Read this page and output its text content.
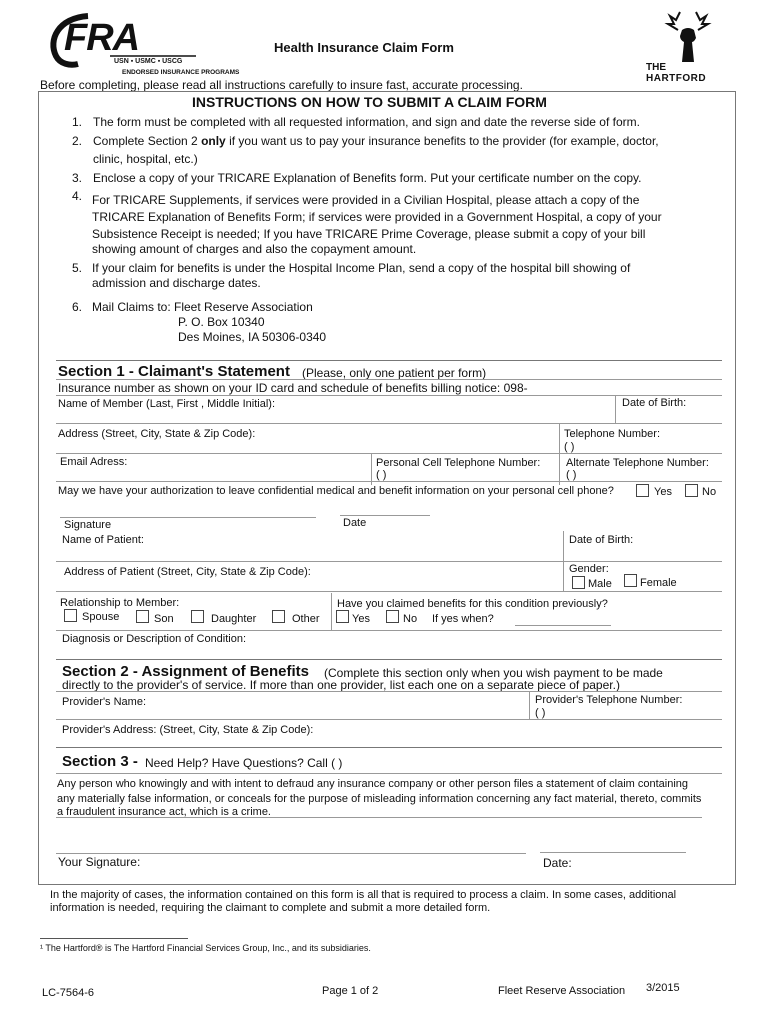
FRA
USN ▪ USMC ▪ USCG
ENDORSED INSURANCE PROGRAMS
Health Insurance Claim Form
THE
HARTFORD
Before completing, please read all instructions carefully to insure fast, accurate processing.
INSTRUCTIONS ON HOW TO SUBMIT A CLAIM FORM
1. The form must be completed with all requested information, and sign and date the reverse side of form.
2. Complete Section 2 only if you want us to pay your insurance benefits to the provider (for example, doctor,
clinic, hospital, etc.)
3. Enclose a copy of your TRICARE Explanation of Benefits form. Put your certificate number on the copy.
4. For TRICARE Supplements, if services were provided in a Civilian Hospital, please attach a copy of the
TRICARE Explanation of Benefits Form; if services were provided in a Government Hospital, a copy of your
Subsistence Receipt is needed; If you have TRICARE Prime Coverage, please submit a copy of your bill
showing amount of charges and also the copayment amount.
5. If your claim for benefits is under the Hospital Income Plan, send a copy of the hospital bill showing of
admission and discharge dates.
6. Mail Claims to: Fleet Reserve Association
P. O. Box 10340
Des Moines, IA 50306-0340
Section 1 - Claimant's Statement (Please, only one patient per form)
Insurance number as shown on your ID card and schedule of benefits billing notice: 098-
Name of Member (Last, First , Middle Initial):	Date of Birth:
Address (Street, City, State & Zip Code):	Telephone Number:
( )
Email Adress:	Personal Cell Telephone Number:
( )
Alternate Telephone Number:
( )
May we have your authorization to leave confidential medical and benefit information on your personal cell phone?	Yes	No
Signature	Date
Name of Patient:	Date of Birth:
Address of Patient (Street, City, State & Zip Code):	Gender:
Male	Female
Relationship to Member:
Spouse	Son	Daughter	Other
Have you claimed benefits for this condition previously?
Yes	No If yes when?
Diagnosis or Description of Condition:
Section 2 - Assignment of Benefits (Complete this section only when you wish payment to be made
directly to the provider's of service. If more than one provider, list each one on a separate piece of paper.)
Provider's Name:	Provider's Telephone Number:
( )
Provider's Address: (Street, City, State & Zip Code):
Section 3 - Need Help? Have Questions? Call ( )
Any person who knowingly and with intent to defraud any insurance company or other person files a statement of claim containing
any materially false information, or conceals for the purpose of misleading information concerning any fact material, thereto, commits
a fraudulent insurance act, which is a crime.
Your Signature:	Date:
In the majority of cases, the information contained on this form is all that is required to process a claim. In some cases, additional
information is needed, requiring the claimant to complete and submit a more detailed form.
¹ The Hartford® is The Hartford Financial Services Group, Inc., and its subsidiaries.
LC-7564-6	Page 1 of 2	Fleet Reserve Association 3/2015
